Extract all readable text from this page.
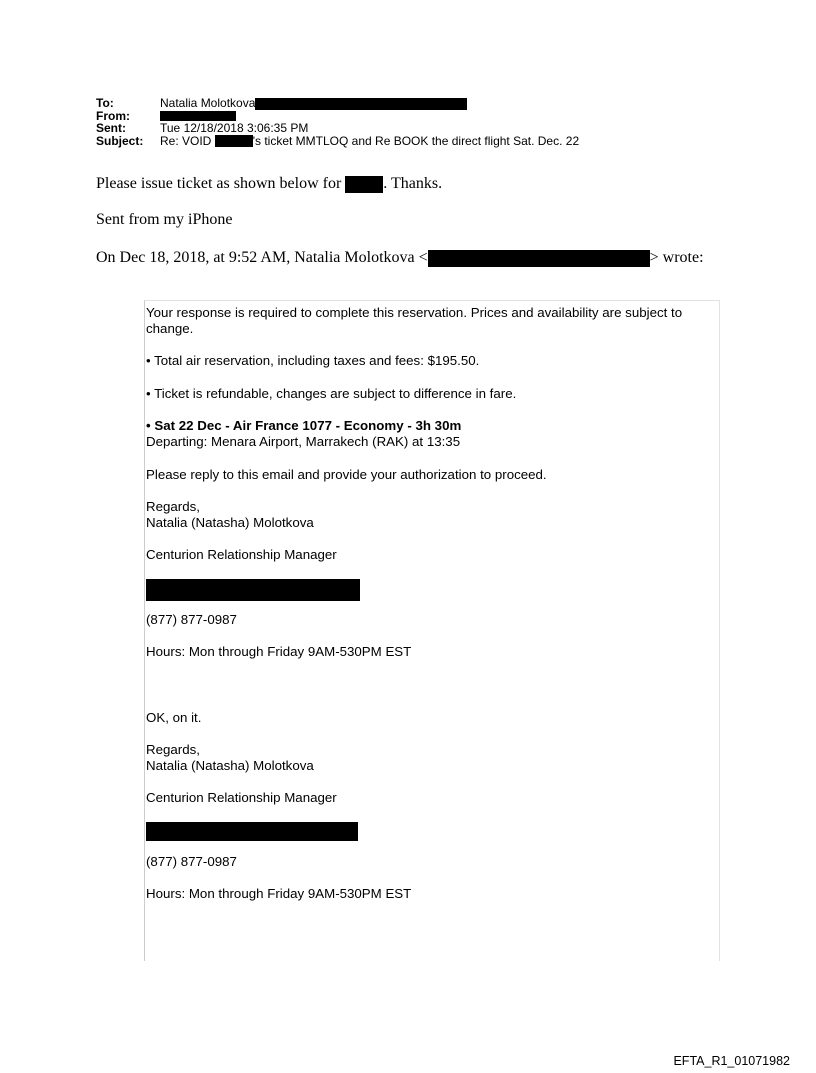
To:	Natalia Molotkova
From:
Sent:	Tue 12/18/2018 3:06:35 PM
Subject: Re: VOID	's ticket MMTLOQ and Re BOOK the direct flight Sat. Dec. 22
Please issue ticket as shown below for	. Thanks.
Sent from my iPhone
On Dec 18, 2018, at 9:52 AM, Natalia Molotkova <	> wrote:
Your response is required to complete this reservation. Prices and availability are subject to change.
• Total air reservation, including taxes and fees: $195.50.
• Ticket is refundable, changes are subject to difference in fare.
• Sat 22 Dec - Air France 1077 - Economy - 3h 30m
Departing: Menara Airport, Marrakech (RAK) at 13:35
Please reply to this email and provide your authorization to proceed.
Regards,
Natalia (Natasha) Molotkova
Centurion Relationship Manager
(877) 877-0987
Hours: Mon through Friday 9AM-530PM EST
OK, on it.
Regards,
Natalia (Natasha) Molotkova
Centurion Relationship Manager
(877) 877-0987
Hours: Mon through Friday 9AM-530PM EST
EFTA_R1_01071982
